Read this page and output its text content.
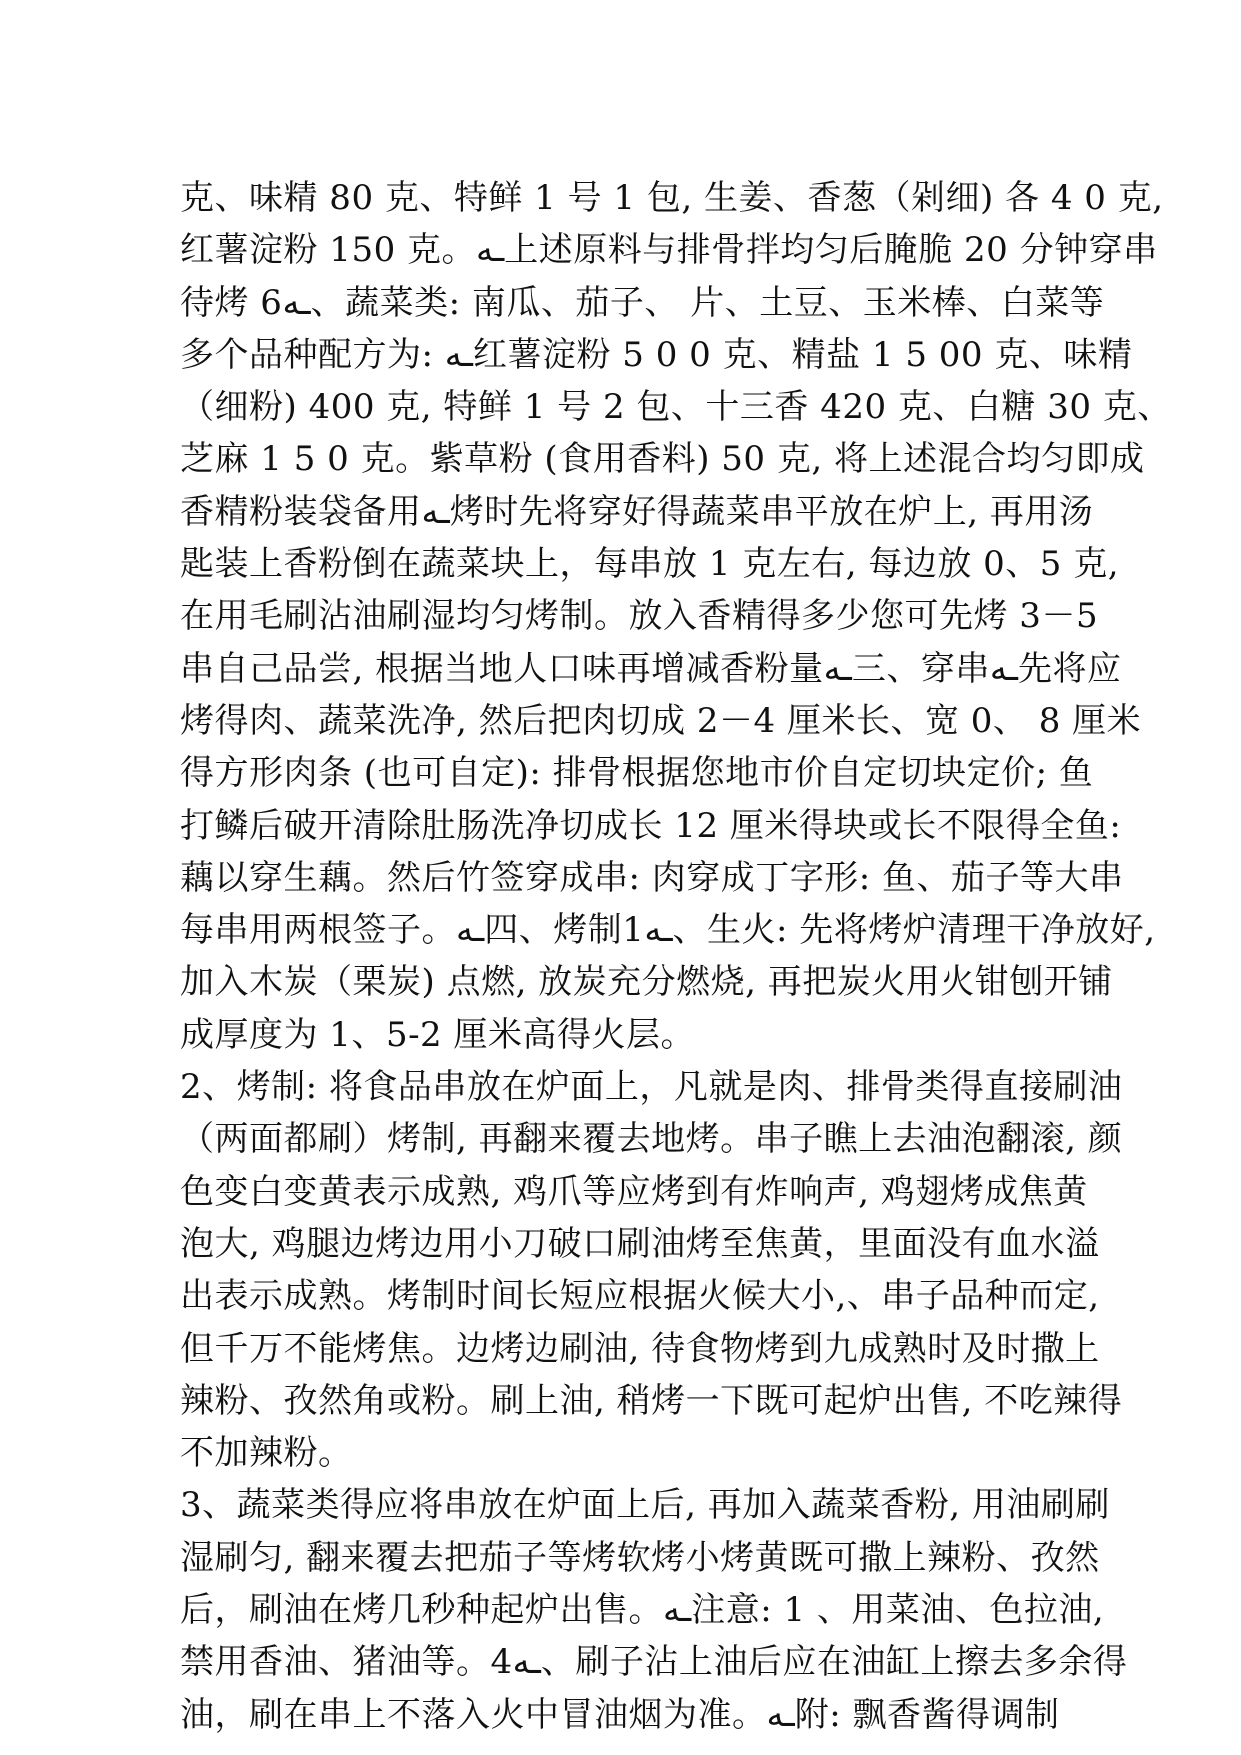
克、味精 80 克、特鲜 1 号 1 包, 生姜、香葱（剁细) 各 4 0 克,
红薯淀粉 150 克。ـه上述原料与排骨拌均匀后腌脆 20 分钟穿串
待烤 6ـه、蔬菜类: 南瓜、茄子、 片、土豆、玉米棒、白菜等
多个品种配方为: ـه红薯淀粉 5 0 0 克、精盐 1 5 00 克、味精
（细粉) 400 克, 特鲜 1 号 2 包、十三香 420 克、白糖 30 克、
芝麻 1 5 0 克。紫草粉 (食用香料) 50 克, 将上述混合均匀即成
香精粉装袋备用ـه烤时先将穿好得蔬菜串平放在炉上, 再用汤
匙装上香粉倒在蔬菜块上，每串放 1 克左右, 每边放 0、5 克,
在用毛刷沾油刷湿均匀烤制。放入香精得多少您可先烤 3－5
串自己品尝, 根据当地人口味再增减香粉量ـه三、穿串ـه先将应
烤得肉、蔬菜洗净, 然后把肉切成 2－4 厘米长、宽 0、 8 厘米
得方形肉条 (也可自定): 排骨根据您地市价自定切块定价; 鱼
打鳞后破开清除肚肠洗净切成长 12 厘米得块或长不限得全鱼:
藕以穿生藕。然后竹签穿成串: 肉穿成丁字形: 鱼、茄子等大串
每串用两根签子。ـه四、烤制1ـه、生火: 先将烤炉清理干净放好,
加入木炭（栗炭) 点燃, 放炭充分燃烧, 再把炭火用火钳刨开铺
成厚度为 1、5-2 厘米高得火层。
2、烤制: 将食品串放在炉面上，凡就是肉、排骨类得直接刷油
（两面都刷）烤制, 再翻来覆去地烤。串子瞧上去油泡翻滚, 颜
色变白变黄表示成熟, 鸡爪等应烤到有炸响声, 鸡翅烤成焦黄
泡大, 鸡腿边烤边用小刀破口刷油烤至焦黄，里面没有血水溢
出表示成熟。烤制时间长短应根据火候大小,、串子品种而定,
但千万不能烤焦。边烤边刷油, 待食物烤到九成熟时及时撒上
辣粉、孜然角或粉。刷上油, 稍烤一下既可起炉出售, 不吃辣得
不加辣粉。
3、蔬菜类得应将串放在炉面上后, 再加入蔬菜香粉, 用油刷刷
湿刷匀, 翻来覆去把茄子等烤软烤小烤黄既可撒上辣粉、孜然
后，刷油在烤几秒种起炉出售。ـه注意: 1 、用菜油、色拉油,
禁用香油、猪油等。4ـه、刷子沾上油后应在油缸上擦去多余得
油，刷在串上不落入火中冒油烟为准。ـه附: 飘香酱得调制
